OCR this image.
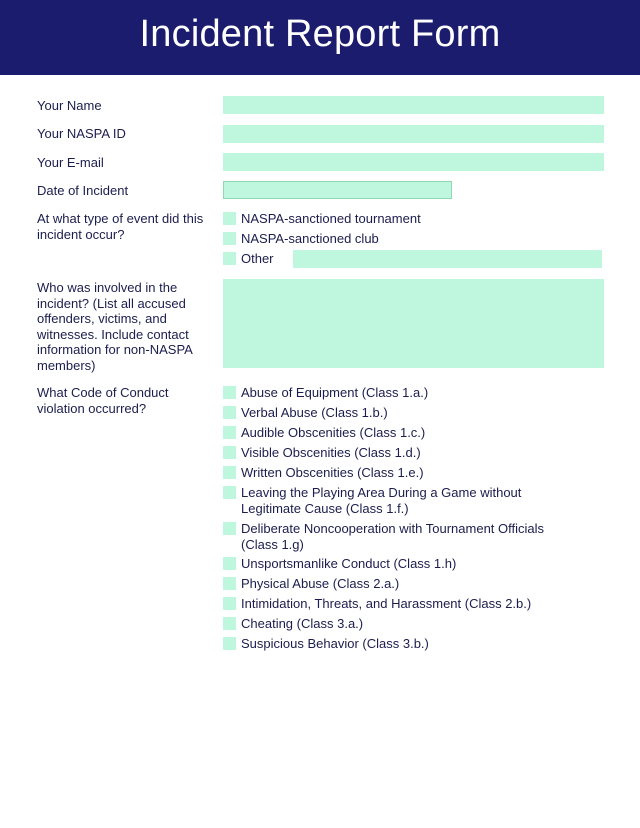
Incident Report Form
Your Name
Your NASPA ID
Your E-mail
Date of Incident
At what type of event did this incident occur?
NASPA-sanctioned tournament
NASPA-sanctioned club
Other
Who was involved in the incident? (List all accused offenders, victims, and witnesses. Include contact information for non-NASPA members)
What Code of Conduct violation occurred?
Abuse of Equipment (Class 1.a.)
Verbal Abuse (Class 1.b.)
Audible Obscenities (Class 1.c.)
Visible Obscenities (Class 1.d.)
Written Obscenities (Class 1.e.)
Leaving the Playing Area During a Game without Legitimate Cause (Class 1.f.)
Deliberate Noncooperation with Tournament Officials (Class 1.g)
Unsportsmanlike Conduct (Class 1.h)
Physical Abuse (Class 2.a.)
Intimidation, Threats, and Harassment (Class 2.b.)
Cheating (Class 3.a.)
Suspicious Behavior (Class 3.b.)
